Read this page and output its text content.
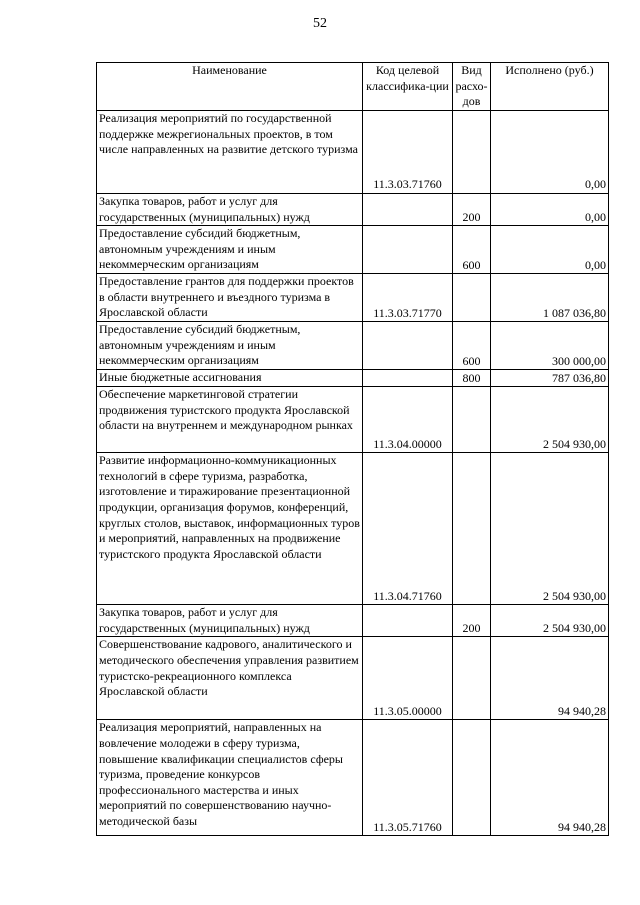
52
Наименование	Код целевой классифика-ции	Вид расхо-дов	Исполнено (руб.)
Реализация мероприятий по государственной поддержке межрегиональных проектов, в том числе направленных на развитие детского туризма	11.3.03.71760		0,00
Закупка товаров, работ и услуг для государственных (муниципальных) нужд		200	0,00
Предоставление субсидий бюджетным, автономным учреждениям и иным некоммерческим организациям		600	0,00
Предоставление грантов для поддержки проектов в области внутреннего и въездного туризма в Ярославской области	11.3.03.71770		1 087 036,80
Предоставление субсидий бюджетным, автономным учреждениям и иным некоммерческим организациям		600	300 000,00
Иные бюджетные ассигнования		800	787 036,80
Обеспечение маркетинговой стратегии продвижения туристского продукта Ярославской области на внутреннем и международном рынках	11.3.04.00000		2 504 930,00
Развитие информационно-коммуникационных технологий в сфере туризма, разработка, изготовление и тиражирование презентационной продукции, организация форумов, конференций, круглых столов, выставок, информационных туров и мероприятий, направленных на продвижение туристского продукта Ярославской области	11.3.04.71760		2 504 930,00
Закупка товаров, работ и услуг для государственных (муниципальных) нужд		200	2 504 930,00
Совершенствование кадрового, аналитического и методического обеспечения управления развитием туристско-рекреационного комплекса Ярославской области	11.3.05.00000		94 940,28
Реализация мероприятий, направленных на вовлечение молодежи в сферу туризма, повышение квалификации специалистов сферы туризма, проведение конкурсов профессионального мастерства и иных мероприятий по совершенствованию научно-методической базы	11.3.05.71760		94 940,28
